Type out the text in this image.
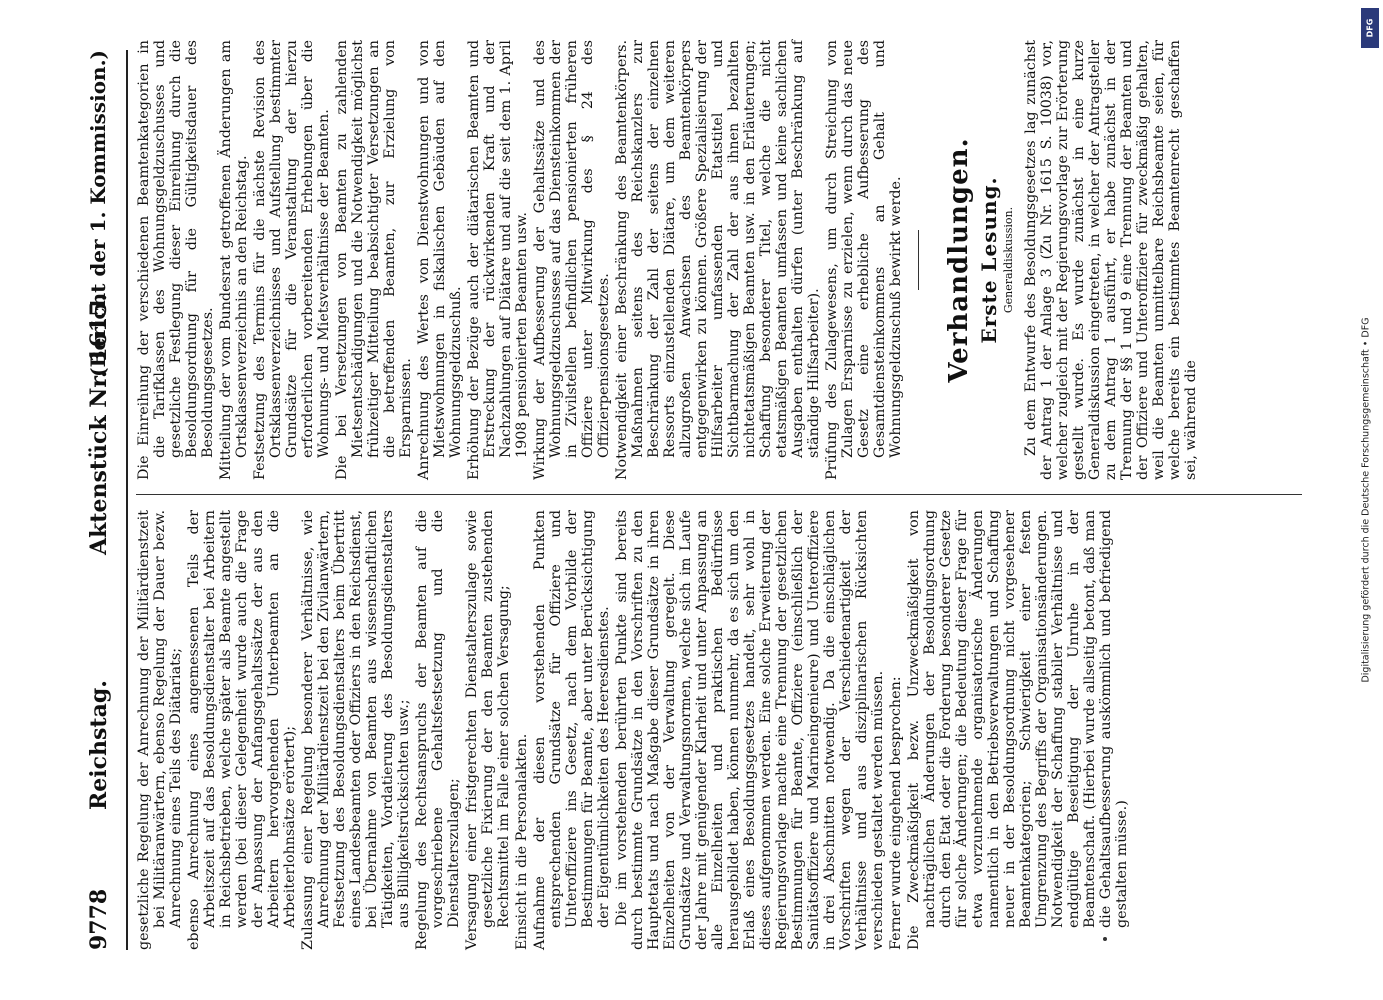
9778
Reichstag.
Aktenstück Nr. 1615.
(Bericht der 1. Kommission.)

gesetzliche Regelung der Anrechnung der Militärdienstzeit bei Militäranwärtern, ebenso Regelung der Dauer bezw. Anrechnung eines Teils des Diätariats; ebenso Anrechnung eines angemessenen Teils der Arbeitszeit auf das Besoldungsdienstalter bei Arbeitern in Reichsbetrieben, welche später als Beamte angestellt werden (bei dieser Gelegenheit wurde auch die Frage der Anpassung der Anfangsgehaltssätze der aus den Arbeitern hervorgehenden Unterbeamten an die Arbeiterlohnsätze erörtert); Zulassung einer Regelung besonderer Verhältnisse, wie Anrechnung der Militärdienstzeit bei den Zivilanwärtern, Festsetzung des Besoldungsdienstalters beim Übertritt eines Landesbeamten oder Offiziers in den Reichsdienst, bei Übernahme von Beamten aus wissenschaftlichen Tätigkeiten, Vordatierung des Besoldungsdienstalters aus Billigkeitsrücksichten usw.; Regelung des Rechtsanspruchs der Beamten auf die vorgeschriebene Gehaltsfestsetzung und die Dienstalterszulagen; Versagung einer fristgerechten Dienstalterszulage sowie gesetzliche Fixierung der den Beamten zustehenden Rechtsmittel im Falle einer solchen Versagung; Einsicht in die Personalakten. Aufnahme der diesen vorstehenden Punkten entsprechenden Grundsätze für Offiziere und Unteroffiziere ins Gesetz, nach dem Vorbilde der Bestimmungen für Beamte, aber unter Berücksichtigung der Eigentümlichkeiten des Heeresdienstes. Die im vorstehenden berührten Punkte sind bereits durch bestimmte Grundsätze in den Vorschriften zu den Hauptetats und nach Maßgabe dieser Grundsätze in ihren Einzelheiten von der Verwaltung geregelt. Diese Grundsätze und Verwaltungsnormen, welche sich im Laufe der Jahre mit genügender Klarheit und unter Anpassung an alle Einzelheiten und praktischen Bedürfnisse herausgebildet haben, können nunmehr, da es sich um den Erlaß eines Besoldungsgesetzes handelt, sehr wohl in dieses aufgenommen werden. Eine solche Erweiterung der Regierungsvorlage machte eine Trennung der gesetzlichen Bestimmungen für Beamte, Offiziere (einschließlich der Sanitätsoffiziere und Marineingenieure) und Unteroffiziere in drei Abschnitten notwendig. Da die einschläglichen Vorschriften wegen der Verschiedenartigkeit der Verhältnisse und aus disziplinarischen Rücksichten verschieden gestaltet werden müssen. Ferner wurde eingehend besprochen: Die Zweckmäßigkeit bezw. Unzweckmäßigkeit von nachträglichen Änderungen der Besoldungsordnung durch den Etat oder die Forderung besonderer Gesetze für solche Änderungen; die Bedeutung dieser Frage für etwa vorzunehmende organisatorische Änderungen namentlich in den Betriebsverwaltungen und Schaffung neuer in der Besoldungsordnung nicht vorgesehener Beamtenkategorien; Schwierigkeit einer festen Umgrenzung des Begriffs der Organisationsänderungen. Notwendigkeit der Schaffung stabiler Verhältnisse und endgültige Beseitigung der Unruhe in der Beamtenschaft. (Hierbei wurde allseitig betont, daß man die Gehaltsaufbesserung auskömmlich und befriedigend gestalten müsse.)

Die Einreihung der verschiedenen Beamtenkategorien in die Tarifklassen des Wohnungsgeldzuschusses und gesetzliche Festlegung dieser Einreihung durch die Besoldungsordnung für die Gültigkeitsdauer des Besoldungsgesetzes. Mitteilung der vom Bundesrat getroffenen Änderungen am Ortsklassenverzeichnis an den Reichstag. Festsetzung des Termins für die nächste Revision des Ortsklassenverzeichnisses und Aufstellung bestimmter Grundsätze für die Veranstaltung der hierzu erforderlichen vorbereitenden Erhebungen über die Wohnungs- und Mietsverhältnisse der Beamten. Die bei Versetzungen von Beamten zu zahlenden Mietsentschädigungen und die Notwendigkeit möglichst frühzeitiger Mitteilung beabsichtigter Versetzungen an die betreffenden Beamten, zur Erzielung von Ersparnissen. Anrechnung des Wertes von Dienstwohnungen und von Mietswohnungen in fiskalischen Gebäuden auf den Wohnungsgeldzuschuß. Erhöhung der Bezüge auch der diätarischen Beamten und Erstreckung der rückwirkenden Kraft und der Nachzahlungen auf Diätare und auf die seit dem 1. April 1908 pensionierten Beamten usw. Wirkung der Aufbesserung der Gehaltssätze und des Wohnungsgeldzuschusses auf das Diensteinkommen der in Zivilstellen befindlichen pensionierten früheren Offiziere unter Mitwirkung des § 24 des Offizierpensionsgesetzes. Notwendigkeit einer Beschränkung des Beamtenkörpers. Maßnahmen seitens des Reichskanzlers zur Beschränkung der Zahl der seitens der einzelnen Ressorts einzustellenden Diätare, um dem weiteren allzugroßen Anwachsen des Beamtenkörpers entgegenwirken zu können. Größere Spezialisierung der Hilfsarbeiter umfassenden Etatstitel und Sichtbarmachung der Zahl der aus ihnen bezahlten nichtetatsmäßigen Beamten usw. in den Erläuterungen; Schaffung besonderer Titel, welche die nicht etatsmäßigen Beamten umfassen und keine sachlichen Ausgaben enthalten dürfen (unter Beschränkung auf ständige Hilfsarbeiter). Prüfung des Zulagewesens, um durch Streichung von Zulagen Ersparnisse zu erzielen, wenn durch das neue Gesetz eine erhebliche Aufbesserung des Gesamtdiensteinkommens an Gehalt und Wohnungsgeldzuschuß bewirkt werde. Verhandlungen. Erste Lesung. Generaldiskussion. Zu dem Entwurfe des Besoldungsgesetzes lag zunächst der Antrag 1 der Anlage 3 (Zu Nr. 1615 S. 10038) vor, welcher zugleich mit der Regierungsvorlage zur Erörterung gestellt wurde. Es wurde zunächst in eine kurze Generaldiskussion eingetreten, in welcher der Antragsteller zu dem Antrag 1 ausführt, er habe zunächst in der Trennung der §§ 1 und 9 eine Trennung der Beamten und der Offiziere und Unteroffiziere für zweckmäßig gehalten, weil die Beamten unmittelbare Reichsbeamte seien, für welche bereits ein bestimmtes Beamtenrecht geschaffen sei, während die	Digitalisierung gefördert durch die Deutsche Forschungsgemeinschaft • DFG
DFG
